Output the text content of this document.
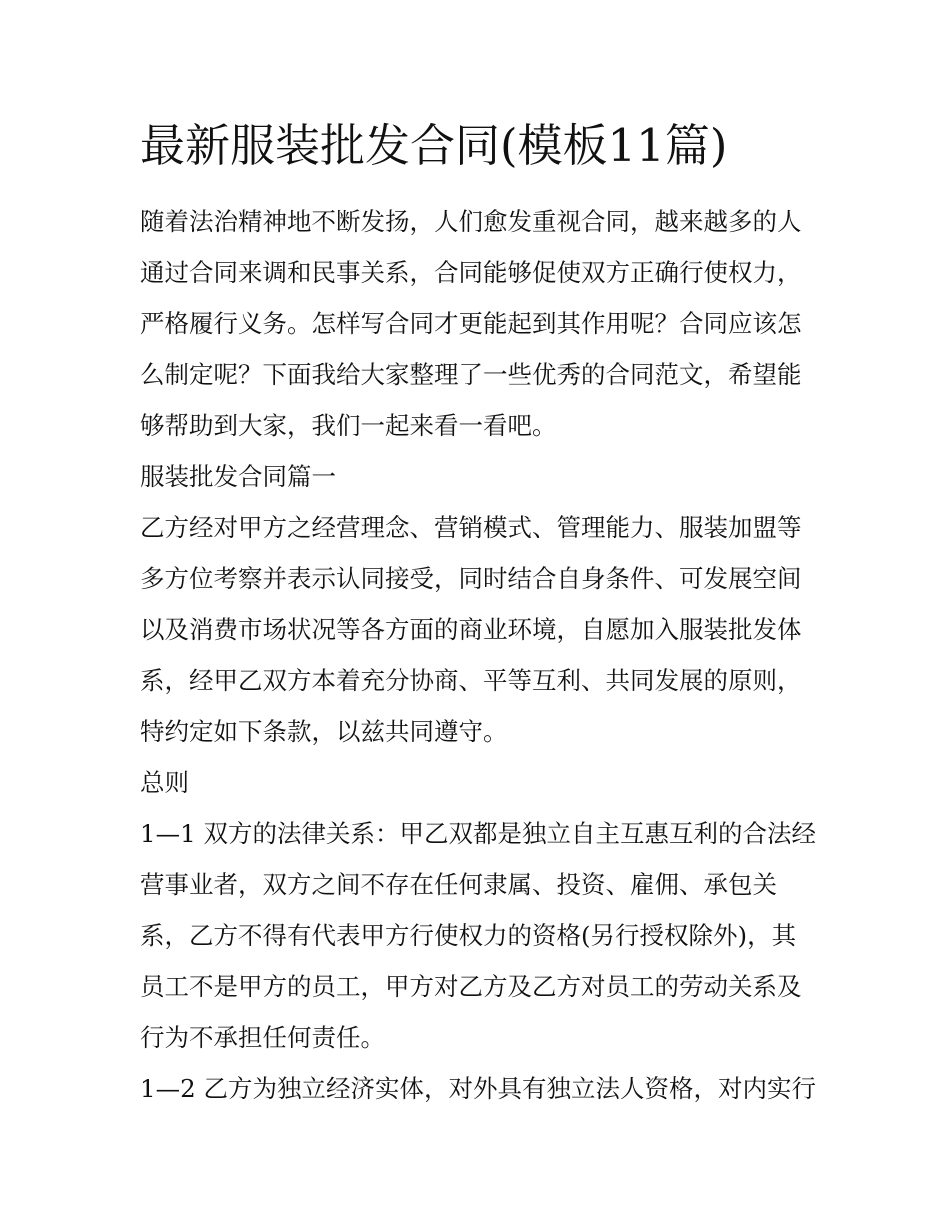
最新服装批发合同(模板11篇)

随着法治精神地不断发扬，人们愈发重视合同，越来越多的人
通过合同来调和民事关系，合同能够促使双方正确行使权力，
严格履行义务。怎样写合同才更能起到其作用呢？合同应该怎
么制定呢？下面我给大家整理了一些优秀的合同范文，希望能
够帮助到大家，我们一起来看一看吧。

服装批发合同篇一

乙方经对甲方之经营理念、营销模式、管理能力、服装加盟等
多方位考察并表示认同接受，同时结合自身条件、可发展空间
以及消费市场状况等各方面的商业环境，自愿加入服装批发体
系，经甲乙双方本着充分协商、平等互利、共同发展的原则，
特约定如下条款，以兹共同遵守。

总则

1—1 双方的法律关系：甲乙双都是独立自主互惠互利的合法经
营事业者，双方之间不存在任何隶属、投资、雇佣、承包关
系，乙方不得有代表甲方行使权力的资格(另行授权除外)，其
员工不是甲方的员工，甲方对乙方及乙方对员工的劳动关系及
行为不承担任何责任。

1—2 乙方为独立经济实体，对外具有独立法人资格，对内实行
